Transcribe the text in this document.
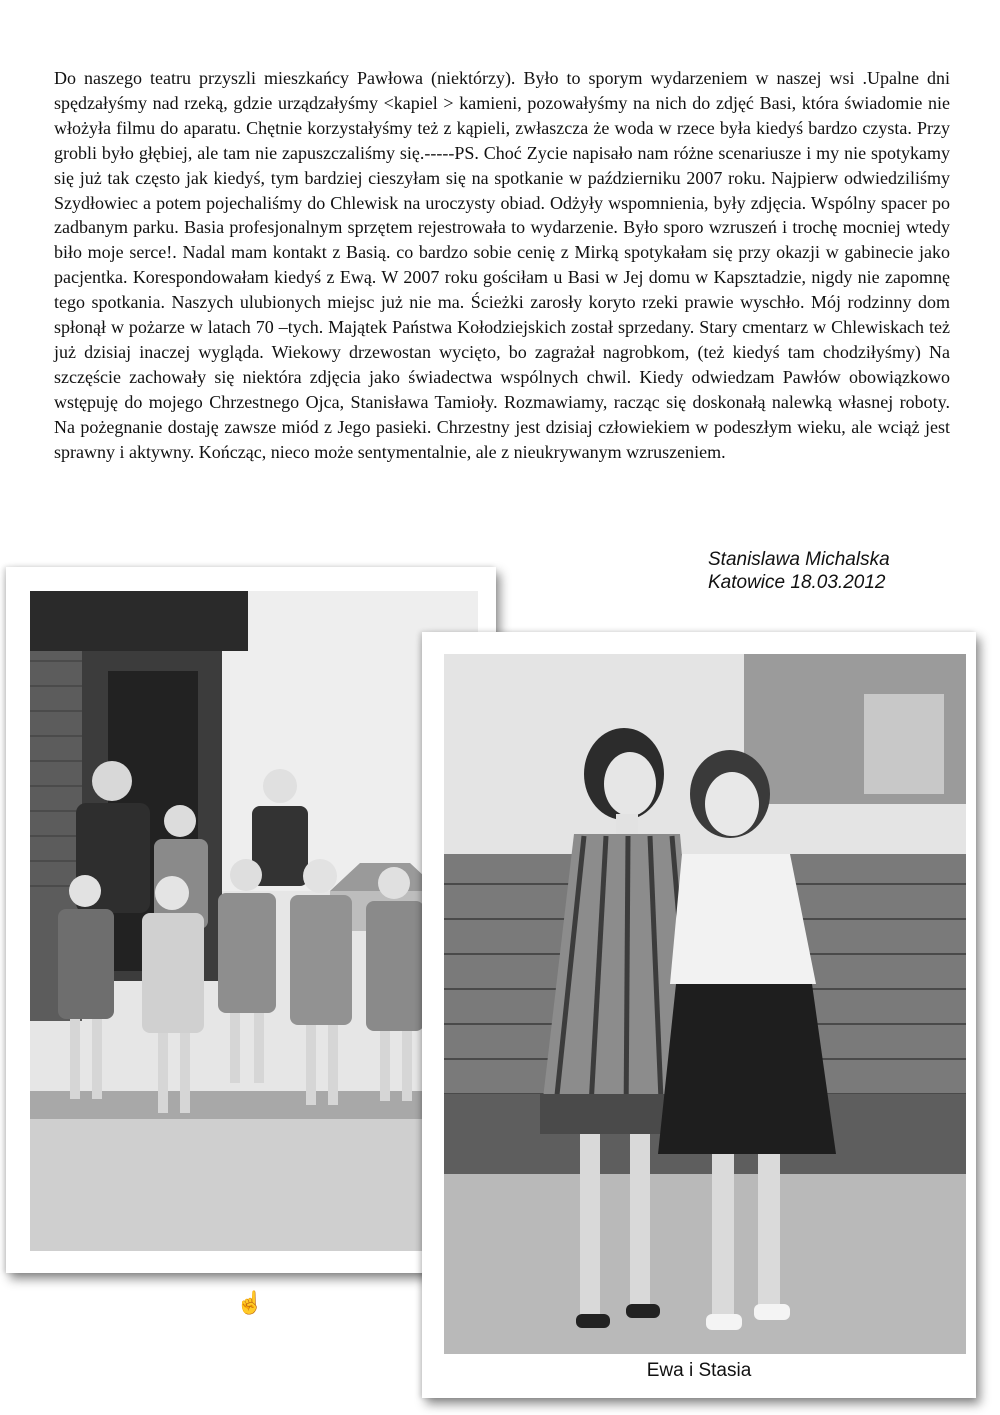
Do naszego teatru przyszli mieszkańcy Pawłowa (niektórzy). Było to sporym wydarzeniem w naszej wsi .Upalne dni spędzałyśmy nad rzeką, gdzie urządzałyśmy <kapiel > kamieni, pozowałyśmy na nich do zdjęć Basi, która świadomie nie włożyła filmu do aparatu. Chętnie korzystałyśmy też z kąpieli, zwłaszcza że woda w rzece była kiedyś bardzo czysta. Przy grobli było głębiej, ale tam nie zapuszczaliśmy się.-----PS. Choć Zycie napisało nam różne scenariusze i my nie spotykamy się już tak często jak kiedyś, tym bardziej cieszyłam się na spotkanie w październiku 2007 roku. Najpierw odwiedziliśmy Szydłowiec a potem pojechaliśmy do Chlewisk na uroczysty obiad. Odżyły wspomnienia, były zdjęcia. Wspólny spacer po zadbanym parku. Basia profesjonalnym sprzętem rejestrowała to wydarzenie. Było sporo wzruszeń i trochę mocniej wtedy biło moje serce!. Nadal mam kontakt z Basią. co bardzo sobie cenię z Mirką spotykałam się przy okazji w gabinecie jako pacjentka. Korespondowałam kiedyś z Ewą. W 2007 roku gościłam u Basi w Jej domu w Kapsztadzie, nigdy nie zapomnę tego spotkania. Naszych ulubionych miejsc już nie ma. Ścieżki zarosły koryto rzeki prawie wyschło. Mój rodzinny dom spłonął w pożarze w latach 70 –tych. Majątek Państwa Kołodziejskich został sprzedany. Stary cmentarz w Chlewiskach też już dzisiaj inaczej wygląda. Wiekowy drzewostan wycięto, bo zagrażał nagrobkom, (też kiedyś tam chodziłyśmy) Na szczęście zachowały się niektóra zdjęcia jako świadectwa wspólnych chwil. Kiedy odwiedzam Pawłów obowiązkowo wstępuję do mojego Chrzestnego Ojca, Stanisława Tamioły. Rozmawiamy, racząc się doskonałą nalewką własnej roboty. Na pożegnanie dostaję zawsze miód z Jego pasieki. Chrzestny jest dzisiaj człowiekiem w podeszłym wieku, ale wciąż jest sprawny i aktywny. Kończąc, nieco może sentymentalnie, ale z nieukrywanym wzruszeniem.

Stanislawa Michalska
Katowice 18.03.2012
Ewa i Stasia
☝
